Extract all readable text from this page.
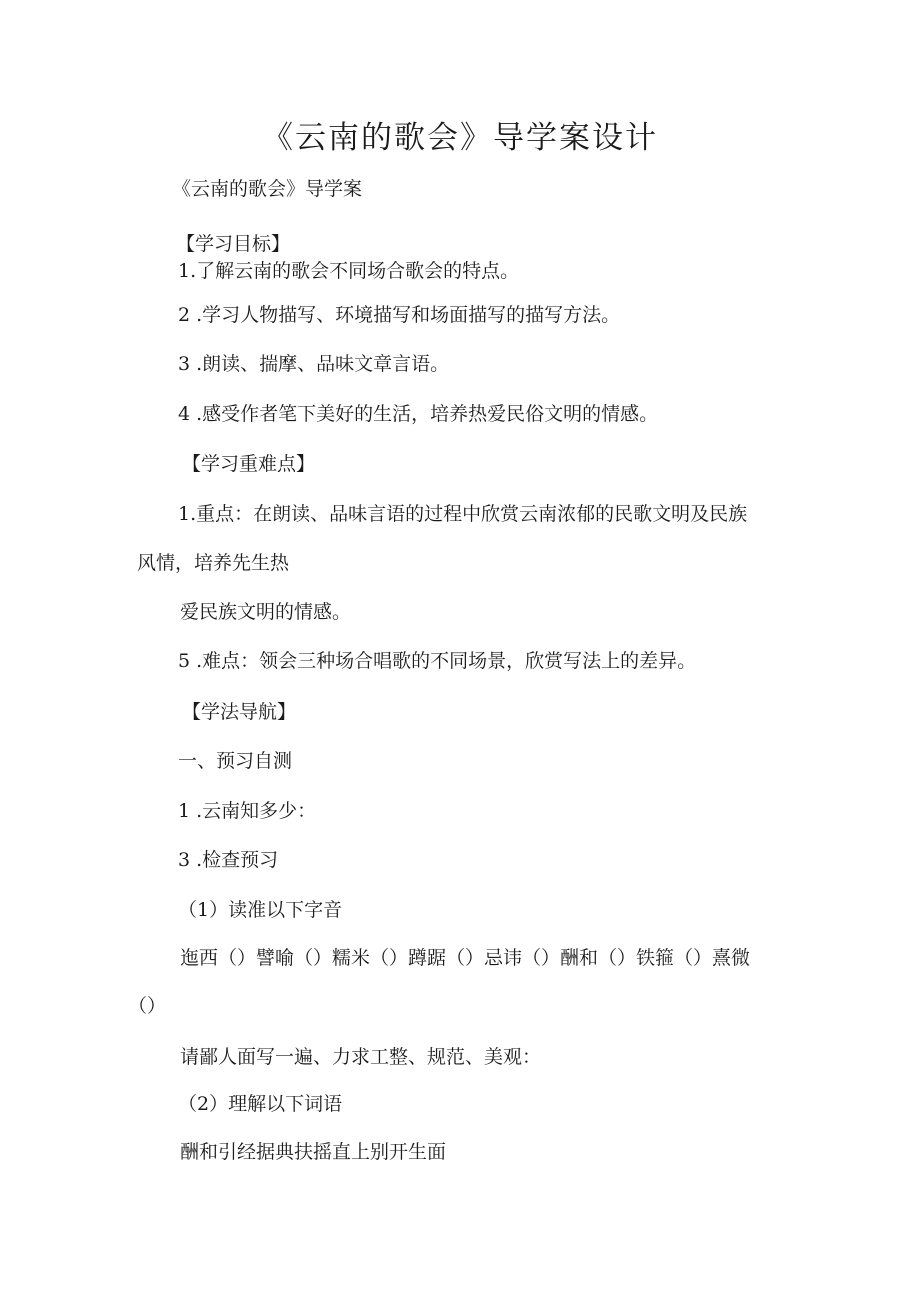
《云南的歌会》导学案设计
《云南的歌会》导学案
【学习目标】
1.了解云南的歌会不同场合歌会的特点。
2 .学习人物描写、环境描写和场面描写的描写方法。
3 .朗读、揣摩、品味文章言语。
4 .感受作者笔下美好的生活，培养热爱民俗文明的情感。
【学习重难点】
1.重点：在朗读、品味言语的过程中欣赏云南浓郁的民歌文明及民族
风情，培养先生热
爱民族文明的情感。
5 .难点：领会三种场合唱歌的不同场景，欣赏写法上的差异。
【学法导航】
一、预习自测
1 .云南知多少：
3 .检查预习
（1）读准以下字音
迤西（）譬喻（）糯米（）蹲踞（）忌讳（）酬和（）铁箍（）熹微
（）
请鄙人面写一遍、力求工整、规范、美观：
（2）理解以下词语
酬和引经据典扶摇直上别开生面
